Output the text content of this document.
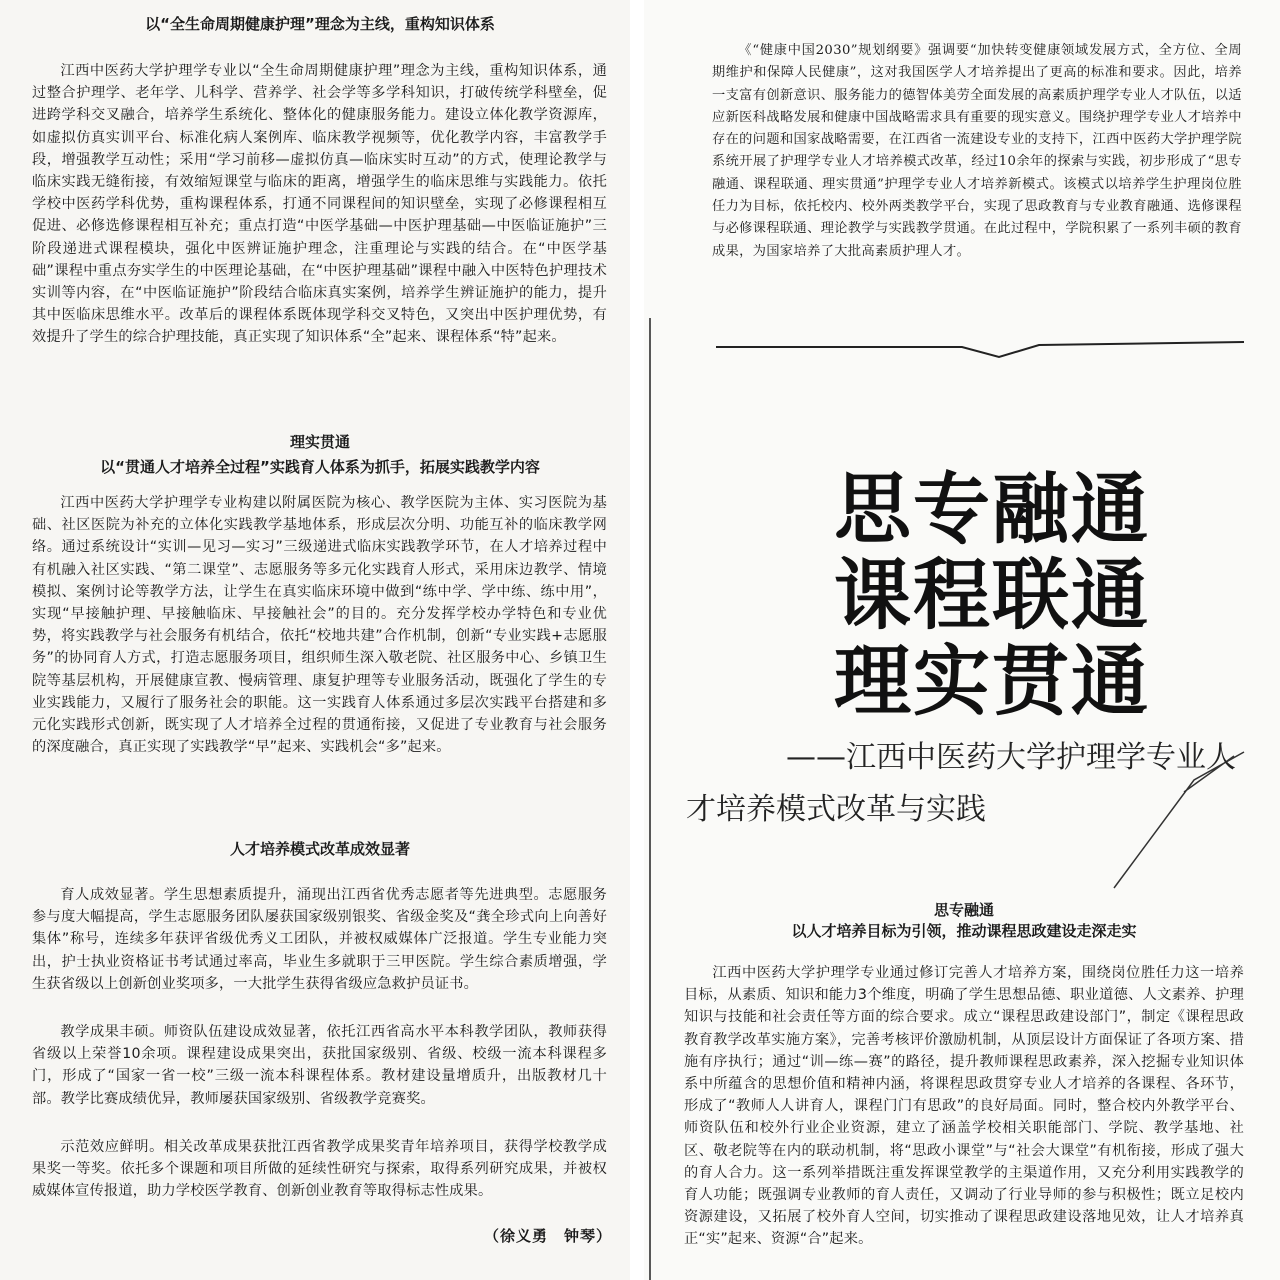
以“全生命周期健康护理”理念为主线，重构知识体系

江西中医药大学护理学专业以“全生命周期健康护理”理念为主线，重构知识体系，通过整合护理学、老年学、儿科学、营养学、社会学等多学科知识，打破传统学科壁垒，促进跨学科交叉融合，培养学生系统化、整体化的健康服务能力。建设立体化教学资源库，如虚拟仿真实训平台、标准化病人案例库、临床教学视频等，优化教学内容，丰富教学手段，增强教学互动性；采用“学习前移—虚拟仿真—临床实时互动”的方式，使理论教学与临床实践无缝衔接，有效缩短课堂与临床的距离，增强学生的临床思维与实践能力。依托学校中医药学科优势，重构课程体系，打通不同课程间的知识壁垒，实现了必修课程相互促进、必修选修课程相互补充；重点打造“中医学基础—中医护理基础—中医临证施护”三阶段递进式课程模块，强化中医辨证施护理念，注重理论与实践的结合。在“中医学基础”课程中重点夯实学生的中医理论基础，在“中医护理基础”课程中融入中医特色护理技术实训等内容，在“中医临证施护”阶段结合临床真实案例，培养学生辨证施护的能力，提升其中医临床思维水平。改革后的课程体系既体现学科交叉特色，又突出中医护理优势，有效提升了学生的综合护理技能，真正实现了知识体系“全”起来、课程体系“特”起来。

理实贯通

以“贯通人才培养全过程”实践育人体系为抓手，拓展实践教学内容

江西中医药大学护理学专业构建以附属医院为核心、教学医院为主体、实习医院为基础、社区医院为补充的立体化实践教学基地体系，形成层次分明、功能互补的临床教学网络。通过系统设计“实训—见习—实习”三级递进式临床实践教学环节，在人才培养过程中有机融入社区实践、“第二课堂”、志愿服务等多元化实践育人形式，采用床边教学、情境模拟、案例讨论等教学方法，让学生在真实临床环境中做到“练中学、学中练、练中用”，实现“早接触护理、早接触临床、早接触社会”的目的。充分发挥学校办学特色和专业优势，将实践教学与社会服务有机结合，依托“校地共建”合作机制，创新“专业实践+志愿服务”的协同育人方式，打造志愿服务项目，组织师生深入敬老院、社区服务中心、乡镇卫生院等基层机构，开展健康宣教、慢病管理、康复护理等专业服务活动，既强化了学生的专业实践能力，又履行了服务社会的职能。这一实践育人体系通过多层次实践平台搭建和多元化实践形式创新，既实现了人才培养全过程的贯通衔接，又促进了专业教育与社会服务的深度融合，真正实现了实践教学“早”起来、实践机会“多”起来。

人才培养模式改革成效显著

育人成效显著。学生思想素质提升，涌现出江西省优秀志愿者等先进典型。志愿服务参与度大幅提高，学生志愿服务团队屡获国家级别银奖、省级金奖及“龚全珍式向上向善好集体”称号，连续多年获评省级优秀义工团队，并被权威媒体广泛报道。学生专业能力突出，护士执业资格证书考试通过率高，毕业生多就职于三甲医院。学生综合素质增强，学生获省级以上创新创业奖项多，一大批学生获得省级应急救护员证书。

教学成果丰硕。师资队伍建设成效显著，依托江西省高水平本科教学团队，教师获得省级以上荣誉10余项。课程建设成果突出，获批国家级别、省级、校级一流本科课程多门，形成了“国家一省一校”三级一流本科课程体系。教材建设量增质升，出版教材几十部。教学比赛成绩优异，教师屡获国家级别、省级教学竞赛奖。

示范效应鲜明。相关改革成果获批江西省教学成果奖青年培养项目，获得学校教学成果奖一等奖。依托多个课题和项目所做的延续性研究与探索，取得系列研究成果，并被权威媒体宣传报道，助力学校医学教育、创新创业教育等取得标志性成果。

（徐义勇　钟琴）

《“健康中国2030”规划纲要》强调要“加快转变健康领域发展方式，全方位、全周期维护和保障人民健康”，这对我国医学人才培养提出了更高的标准和要求。因此，培养一支富有创新意识、服务能力的德智体美劳全面发展的高素质护理学专业人才队伍，以适应新医科战略发展和健康中国战略需求具有重要的现实意义。围绕护理学专业人才培养中存在的问题和国家战略需要，在江西省一流建设专业的支持下，江西中医药大学护理学院系统开展了护理学专业人才培养模式改革，经过10余年的探索与实践，初步形成了“思专融通、课程联通、理实贯通”护理学专业人才培养新模式。该模式以培养学生护理岗位胜任力为目标，依托校内、校外两类教学平台，实现了思政教育与专业教育融通、选修课程与必修课程联通、理论教学与实践教学贯通。在此过程中，学院积累了一系列丰硕的教育成果，为国家培养了大批高素质护理人才。

思专融通
课程联通
理实贯通

——江西中医药大学护理学专业人才培养模式改革与实践

思专融通

以人才培养目标为引领，推动课程思政建设走深走实

江西中医药大学护理学专业通过修订完善人才培养方案，围绕岗位胜任力这一培养目标，从素质、知识和能力3个维度，明确了学生思想品德、职业道德、人文素养、护理知识与技能和社会责任等方面的综合要求。成立“课程思政建设部门”，制定《课程思政教育教学改革实施方案》，完善考核评价激励机制，从顶层设计方面保证了各项方案、措施有序执行；通过“训—练—赛”的路径，提升教师课程思政素养，深入挖掘专业知识体系中所蕴含的思想价值和精神内涵，将课程思政贯穿专业人才培养的各课程、各环节，形成了“教师人人讲育人，课程门门有思政”的良好局面。同时，整合校内外教学平台、师资队伍和校外行业企业资源，建立了涵盖学校相关职能部门、学院、教学基地、社区、敬老院等在内的联动机制，将“思政小课堂”与“社会大课堂”有机衔接，形成了强大的育人合力。这一系列举措既注重发挥课堂教学的主渠道作用，又充分利用实践教学的育人功能；既强调专业教师的育人责任，又调动了行业导师的参与积极性；既立足校内资源建设，又拓展了校外育人空间，切实推动了课程思政建设落地见效，让人才培养真正“实”起来、资源“合”起来。
